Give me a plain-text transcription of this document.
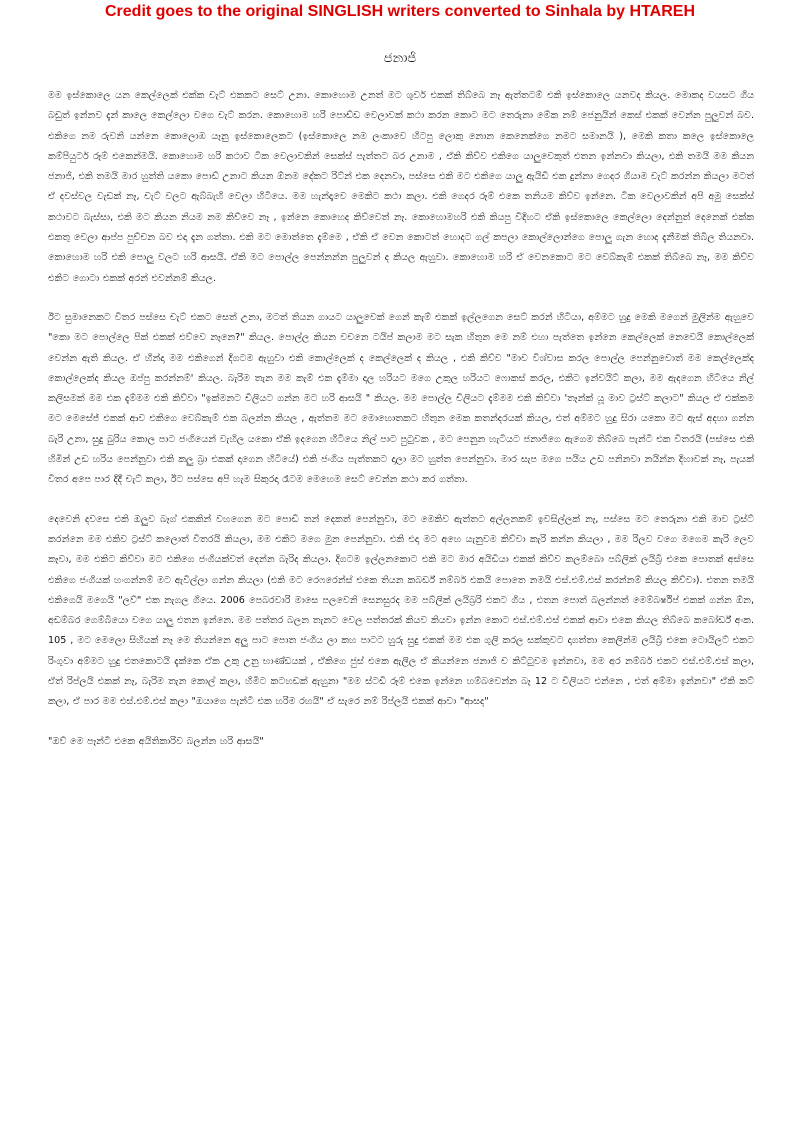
Credit goes to the original SINGLISH writers converted to Sinhala by HTAREH
ජනාජි

මම ඉස්කොලෙ යන කෙල්ලෙක් එක්ක චැට් එකකට සෙට් උනා. කොහොම උනත් මට ශුවර් එකක් තිබ්බෙ නෑ ඇත්තටම් එකි ඉස්කොලෙ යනවද කියල. මොකද වයසට ගිය බඩුත් ඉන්නව දැන් කාලෙ කෙල්ලො වගෙ චැට් කරන. කොහොම හරි පොඩ්ඩ වෙලාවක් කථා කරන කොට මට තෙරුනා මේක නම් ජෙනුයින් කෙස් එකක් වෙන්න පුලුවන් බව. එකිගෙ නම රුවනි යන්නෙ කොලොඹ යෑනු ඉස්කොලෙකට (ඉස්කොලෙ නම ලංකාවෙ හිටපු ලොකු නොන කෙනෙක්ගෙ නමට සමානයි ), මෙකි කතා කලෙ ඉස්කොලෙ කම්පියුටර් රූම් එකෙන්මයි. කොහොම හරි කථාව ටික වෙලාවකින් සෙක්ස් පැත්තට බර උනාම , ඒකි කිව්ව එකිගෙ යාලුවෙකුත් එතන ඉන්නවා කියලා, එකි තමයි මම කියන ජනාජි, එකි තමයි මාර හුත්ති යකො පොඩ් උනාට කියන ඕනම දේකට රිට්න් එක දෙනවා, පස්සෙ එකි මට එකිගෙ යාලු ඇයිඩී එක දුන්නා ගෙදර ගියාම චැට් කරන්න කියලා මටත් ඒ දවස්වල වැඩක් නෑ, චැට් වලට ඇබ්බැහි වෙලා හිටියෙ. මම හැන්දෑවෙ මෙකිට කථා කලා. එකි ගෙදර රූම් එකෙ තනියම කිව්ව ඉන්නෙ. ටික වෙලාවකින් අපි අමු සෙක්ස් කථාවට බැස්සා, එකි මට කියන නියම නම කිව්වෙ නෑ , ඉන්නෙ කොහෙද කිව්වෙත් නෑ. කොහොමහරි එකි කියපු විදිහට ඒකි ඉස්කොලෙ කෙල්ලො දෙන්නුත් දෙනෙක් එක්ක එකතු වෙලා ආප්ප පුච්චන බව එදා දැන ගත්තා. එකි මට මොත්තෙ දැම්මෙ , ඒකි ඒ වෙන කොටත් හොදට ගල් කපලා කොල්ලොන්ගෙ පොලු ගැන හොද දැනීමක් තිබිල තියනවා. කොහොම හරි එකි පොලු වලට හරි ආසයි. ඒකි මට පොල්ල පෙන්නන්න පුලුවන් ද කියල ඇහුවා. කොහොම හරි ඒ වෙනකොට මට වෙබ්කැම් එකක් තිබ්බෙ නෑ, මම කිව්ව එකිට ගොටා එකක් අරන් එවන්නම් කියල.

ඊට සුමානෙකට විතර පස්සෙ චැට් එකට සෙත් උනා, මටත් තියන ගායට යාලුවෙක් ගෙන් කැම් එකක් ඉල්ලගෙන සෙට් කරන් හිටියා, අම්මට හුදු මෙකි මගෙන් මුලින්ම ඇහුවෙ "කො මට පොල්ලෙ පික් එකක් එව්වෙ නෑනෙ?" කියල. පොල්ල කියන වචනෙ ටයිප් කලාම මට සැක හිතුන මෙ නම් එහා පැත්තෙ ඉන්නෙ කෙල්ලෙක් නෙවෙයි කොල්ලෙක් වෙන්න ඇති කියල. ඒ හින්දා මම එකිගෙන් දිගටම ඇහුවා එකි කොල්ලෙක් ද කෙල්ලෙක් ද කියල , එකි කිව්ව "මාව විශ්වාස කරල පොල්ල පෙන්නුවොත් මම කෙල්ලෙක්ද කොල්ලෙක්ද කියල ඔප්පු කරන්නම්' කියල. බැරිම තැන මම කැම් එක දැම්මා දාල හරියට මගෙ උකුල හරියට ෆොකස් කරල, එකිට ඉන්වයිට් කලා, මම ඇදගෙන හිටියෙ නිල් කලිසමක් මම එක දැම්මම එකි කිව්වා "ඉක්මනට චිලියට ගන්න මට හරි ආසයි " කියල. මම පොල්ල චිලියට දැම්මම එකි කිව්වා 'තෑන්ක් යූ මාව ට්‍රස්ට් කලාට" කියල ඒ එක්කම මට මෙසේජ් එකක් ආව එකිගෙ වෙබ්කැම් එක බලන්න කියල , ඇත්තම මට මොහොතකට හිතුන මෙක කතන්දරයක් කියල, එත් අම්මට හුදු සිරා යකො මට ඇස් අදහා ගන්න බැරි උනා, සුදු බුරිය කොල පාට ජංගියෙන් වැහිල යකො ඒකි ඉදගෙන හිටියෙ නිල් පාට පුටුවක , මට පෙනුන හැටියට ජනාජිගෙ ඇගෙම තිබ්බෙ පැන්ටි එක විතරයි (පස්සෙ එකි හිමින් උඩ හරිය පෙන්නුවා එකි කලු බ්‍රා එකක් දාගෙන හිටියේ) එකි ජංගිය පැත්තකට දාලා මට හුත්ත පෙන්නුවා. මාර සැප මගෙ පයිය උඩ පනිනවා නයින්න දිහාවක් නෑ, පැයක් විතර අපෙ පාර දිදී චැට් කලා, ඊට පස්සෙ අපි හැම සිකුරදා රෑටම මෙහෙම සෙට් වෙන්න කථා කර ගත්තා.

දෙවෙනි දවසෙ එකි ඔලුව බෑග් එකකින් වහගෙන මට පොඩි තන් දෙකත් පෙන්නුවා, මට මෙකිව ඇත්තට අල්ලනකම් ඉවසිල්ලක් නෑ, පස්සෙ මට තෙරුනා එකි මාව ට්‍රස්ට් කරන්නෙ මම එකිව ට්‍රස්ට් කලොත් විතරයි කියලා, මම එකිට මගෙ මුන පෙන්නුවා. එකි එදා මට අහෙ යැනුවම කිව්වා කැරි කන්න කියලා , මම රිලව වගෙ මගෙම කැරි ලෙව කෑවා, මම එකිට කිව්වා මට එකිගෙ ජංගියක්වත් දෙන්න බැරිද කියලා. දිගටම ඉල්ලනකොට එකි මට මාර අයිඩියා එකක් කිව්ව කලම්බො පබ්ලික් ලයිබ්‍රි එකෙ පොතක් අස්සෙ එකිගෙ ජංගියක් හංගන්නම් මට ඇවිල්ලා ගන්න කියලා (එකි මට රෙෆරෙන්ස් එකෙ තියන කබර්ඩ් නම්බර් එකයි පොතෙ නමයි එස්.එම්.එස් කරන්නම් කියල කිව්වා). එතන තමයි එකිගෙයි මගෙයි "ලව්" එක නැගල ගියෙ. 2006 පෙබරවාරි මාසෙ පලවෙනි සෙනසුරද මම පබ්ලික් ලයිබ්‍රරි එකට ගිය , එතන පොත් බලන්නත් මෙම්බර්ෂිප් එකක් ගන්න ඕන, අඩම්බර ගෙම්බියො වගෙ යාලු එතන ඉන්නෙ. මම පත්තර බලන තැනට වෙල පත්තරක් කියව කියවා ඉන්න කොට එස්.එම්.එස් එකක් ආවා එකෙ කියල තිබ්බෙ කබෝර්ඩ් අංක. 105 , මට මෙලො සිහියක් නෑ මෙ තියන්නෙ අලු පාට පොත ජංගිය ලා කහ පාටට හුරු සුදු එකක් මම එක ගුලි කරල සක්කුවට දාගත්තා කෙලින්ම ලයිබ්‍රි එකෙ ටොයිලට් එකට රිංගුවා අම්මට හුදු එතකොටයි දැක්කෙ ඒක උකු උනු භාණ්ඩයක් , ඒකිගෙ ජුස් එකෙ ඇලිල ඒ කියන්නෙ ජනාජි ච කිට්ටුවම ඉන්නවා, මම අර නම්බර් එකට එස්.එම්.එස් කලා, ඒත් රිප්ලයි එකක් නෑ, බැරිම තැන කොල් කලා, හිමීට කටහඩක් ඇහුනා "මම ස්ටඩි රූම් එකෙ ඉන්නෙ හම්බවෙන්න බෑ 12 ට චිලියට එන්නෙ , එත් අම්මා ඉන්නවා" ඒකි කට් කලා, ඒ පාර මම එස්.එම්.එස් කලා "ඔයාගෙ පැන්ටි එක හරිම රහයි" ඒ සැරෙ නම් රිප්ලයි එකක් ආවා "ආසද"

"ඔව් මෙ පෑන්ටි එකෙ අයිතිකාරිව බලන්න හරි ආසයි"
